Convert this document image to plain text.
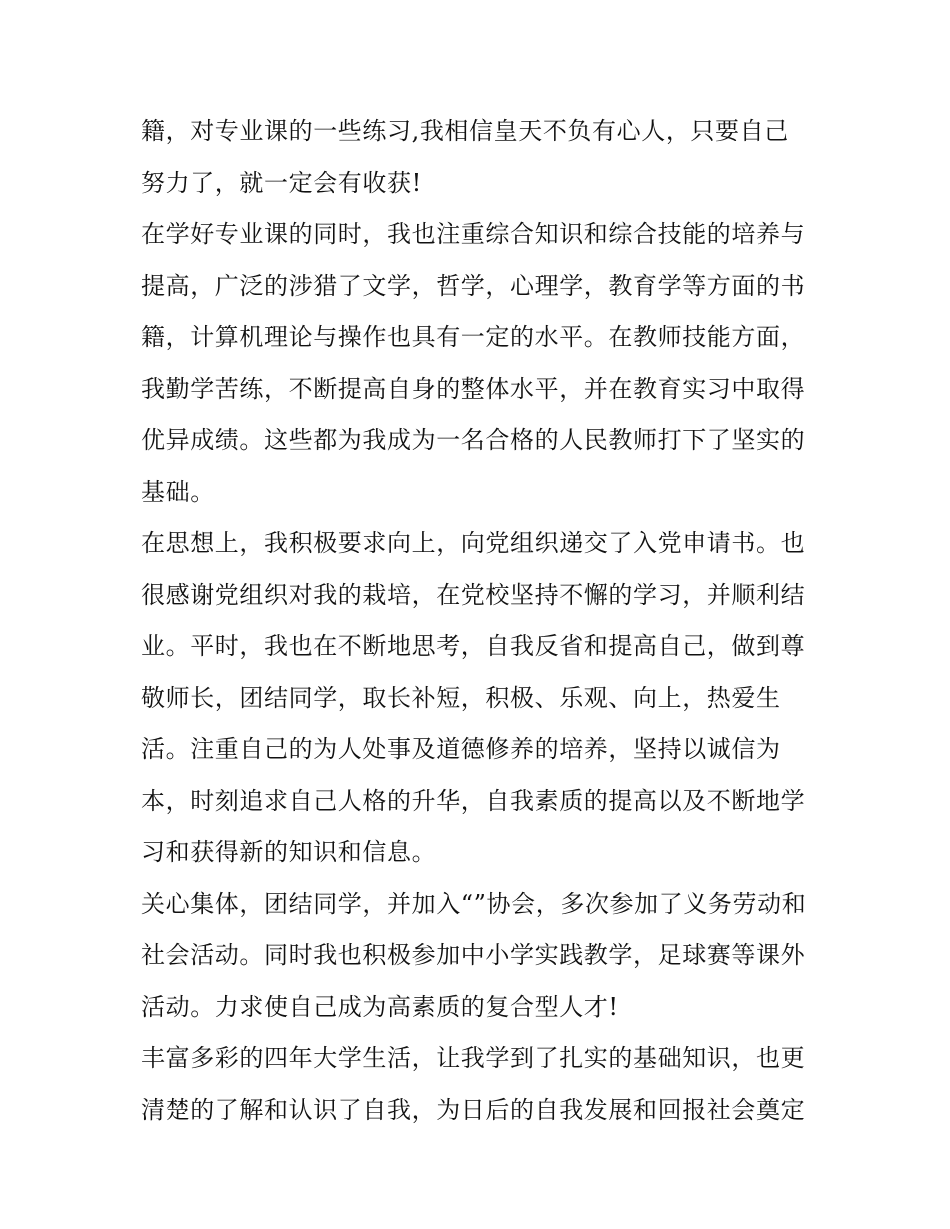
籍，对专业课的一些练习,我相信皇天不负有心人，只要自己
努力了，就一定会有收获!
在学好专业课的同时，我也注重综合知识和综合技能的培养与
提高，广泛的涉猎了文学，哲学，心理学，教育学等方面的书
籍，计算机理论与操作也具有一定的水平。在教师技能方面，
我勤学苦练，不断提高自身的整体水平，并在教育实习中取得
优异成绩。这些都为我成为一名合格的人民教师打下了坚实的
基础。
在思想上，我积极要求向上，向党组织递交了入党申请书。也
很感谢党组织对我的栽培，在党校坚持不懈的学习，并顺利结
业。平时，我也在不断地思考，自我反省和提高自己，做到尊
敬师长，团结同学，取长补短，积极、乐观、向上，热爱生
活。注重自己的为人处事及道德修养的培养，坚持以诚信为
本，时刻追求自己人格的升华，自我素质的提高以及不断地学
习和获得新的知识和信息。
关心集体，团结同学，并加入“”协会，多次参加了义务劳动和
社会活动。同时我也积极参加中小学实践教学，足球赛等课外
活动。力求使自己成为高素质的复合型人才!
丰富多彩的四年大学生活，让我学到了扎实的基础知识，也更
清楚的了解和认识了自我，为日后的自我发展和回报社会奠定
